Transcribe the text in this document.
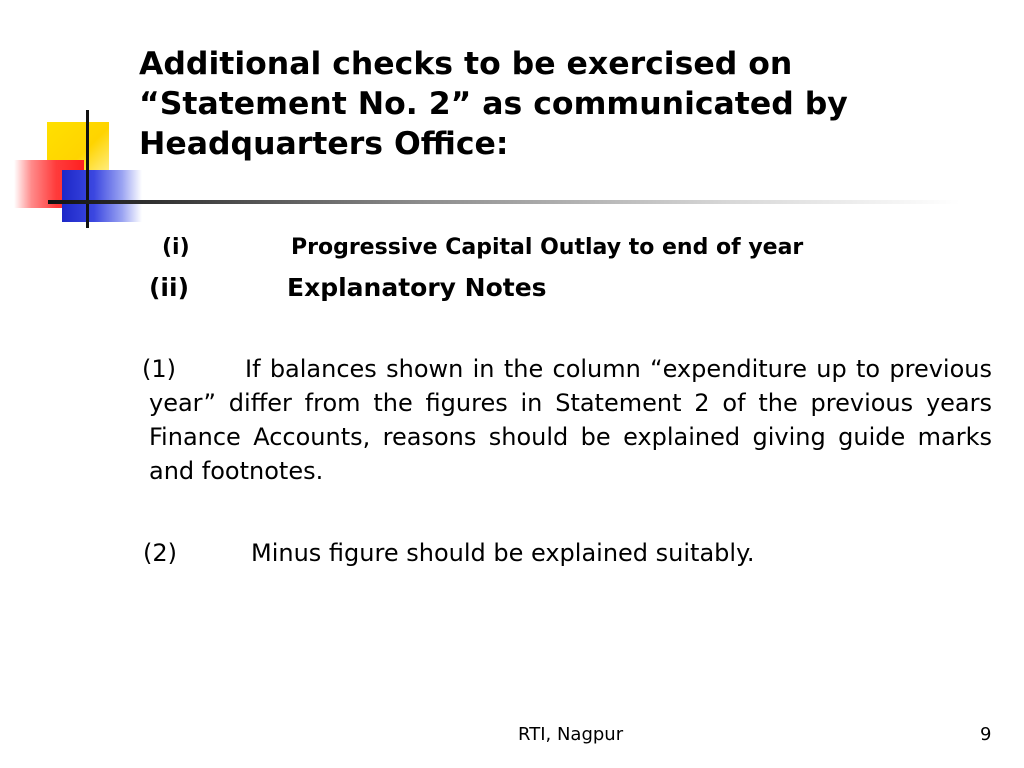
Additional checks to be exercised on “Statement No. 2” as communicated by Headquarters Office:
(i)	Progressive Capital Outlay to end of year
(ii)	Explanatory Notes
(1)	If balances shown in the column “expenditure up to previous year” differ from the figures in Statement 2 of the previous years Finance Accounts, reasons should be explained giving guide marks and footnotes.
(2)	Minus figure should be explained suitably.
RTI, Nagpur	9
